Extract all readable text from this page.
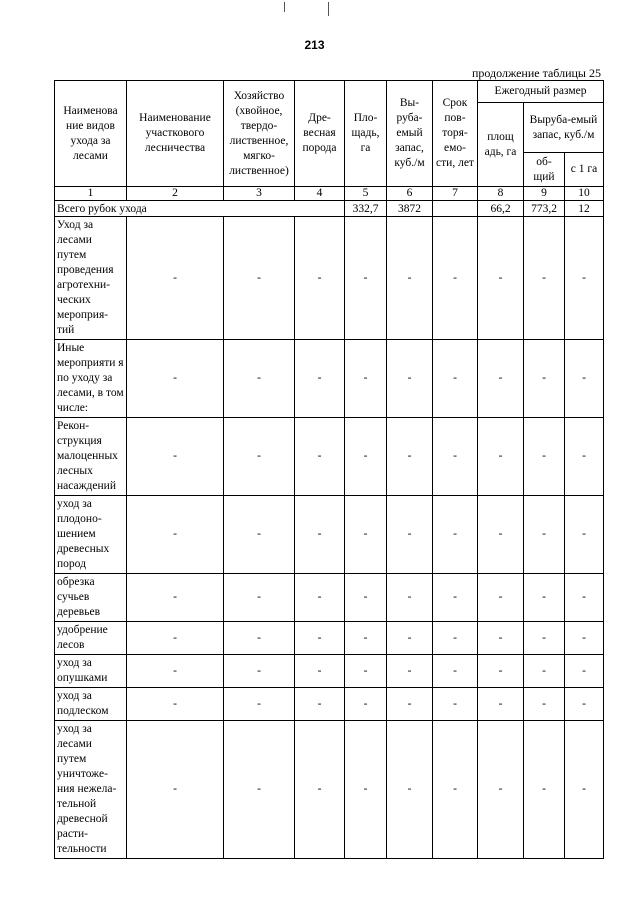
213
продолжение таблицы 25
Наименова ние видов ухода за лесами	Наименование участкового лесничества	Хозяйство (хвойное, твердо-лиственное, мягко-лиственное)	Дре-весная порода	Пло-щадь, га	Вы-руба-емый запас, куб./м	Срок пов-торя-емо-сти, лет	Ежегодный размер		
							площ адь, га	Выруба-емый запас, куб./м	
								об-щий	с 1 га
1	2	3	4	5	6	7	8	9	10
Всего рубок ухода				332,7	3872		66,2	773,2	12
Уход за лесами путем проведения агротехни-ческих мероприя-тий	-	-	-	-	-	-	-	-	-
Иные мероприяти я по уходу за лесами, в том числе:	-	-	-	-	-	-	-	-	-
Рекон-струкция малоценных лесных насаждений	-	-	-	-	-	-	-	-	-
уход за плодоно-шением древесных пород	-	-	-	-	-	-	-	-	-
обрезка сучьев деревьев	-	-	-	-	-	-	-	-	-
удобрение лесов	-	-	-	-	-	-	-	-	-
уход за опушками	-	-	-	-	-	-	-	-	-
уход за подлеском	-	-	-	-	-	-	-	-	-
уход за лесами путем уничтоже-ния нежела-тельной древесной расти-тельности	-	-	-	-	-	-	-	-	-
